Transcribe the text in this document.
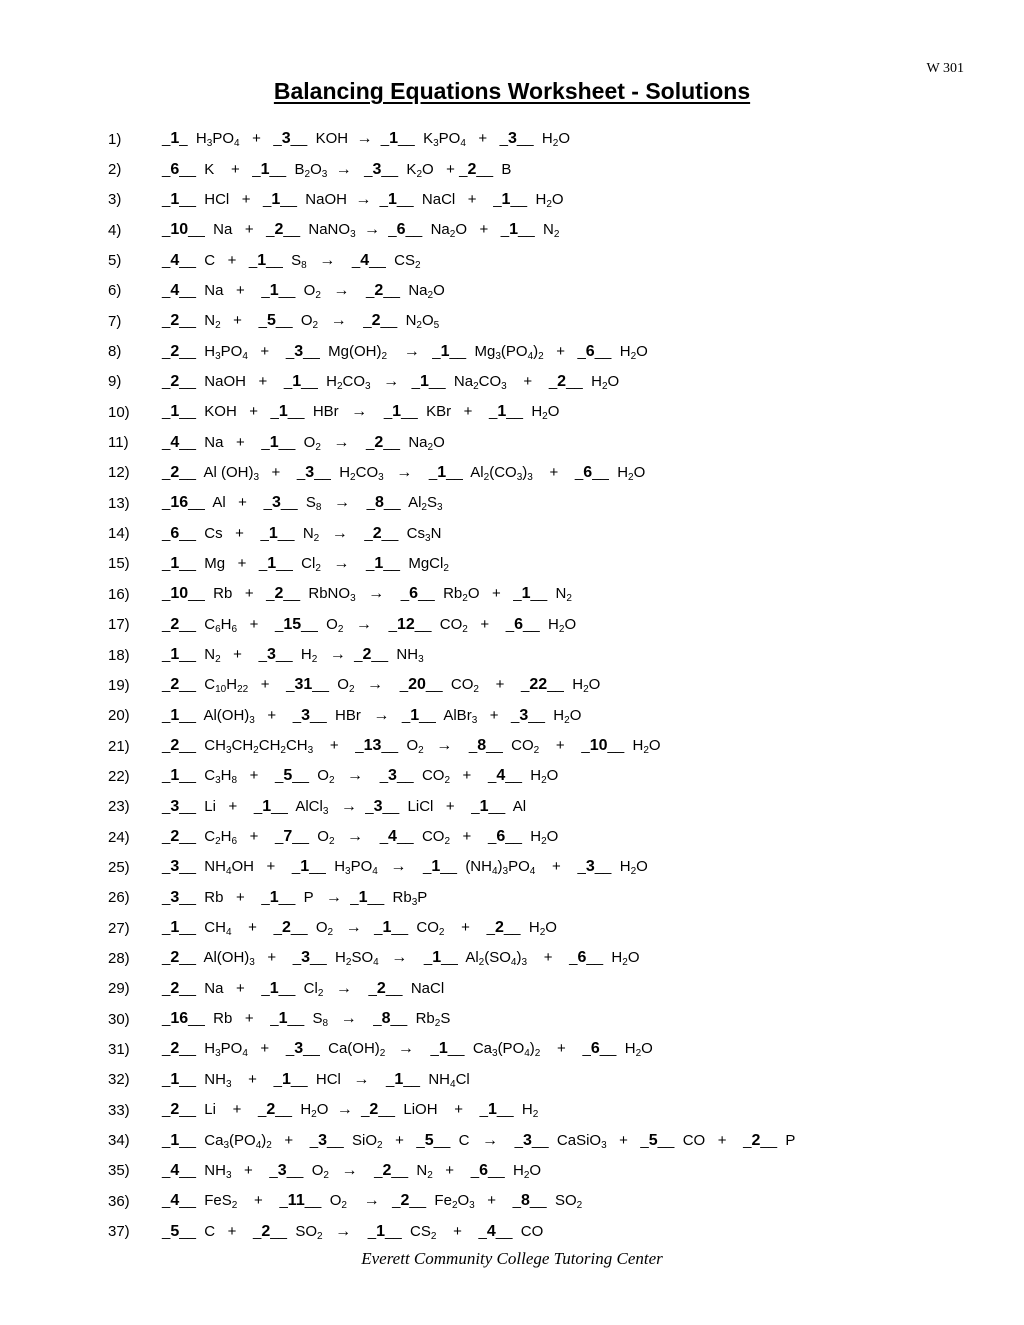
W 301
Balancing Equations Worksheet - Solutions
1)	_1_  $H_3PO_4$   +   _3__  KOH  →  _1__  $K_3PO_4$   +   _3__  $H_2O$
2)	_6__  K    +   _1__  $B_2O_3$ →   _3__  $K_2O$   + _2__  B
3)	_1__  HCl   +   _1__  NaOH  →  _1__  NaCl   +    _1__  $H_2O$
4)	_10__  Na   +   _2__  NaNO$_3$ →  _6__  $Na_2O$   +   _1__  $N_2$
5)	_4__  C   +   _1__  $S_8$ →    _4__  $CS_2$
6)	_4__  Na   +    _1__  $O_2$ →    _2__  $Na_2O$
7)	_2__  $N_2$   +    _5__  $O_2$ →    _2__  $N_2O_5$
8)	_2__  $H_3PO_4$   +    _3__  $Mg(OH)_2$ →   _1__  $Mg_3(PO_4)_2$   +   _6__  $H_2O$
9)	_2__  NaOH   +    _1__  $H_2CO_3$ →   _1__  $Na_2CO_3$    +    _2__  $H_2O$
10)	_1__  KOH   +   _1__  HBr   →    _1__  KBr   +    _1__  $H_2O$
11)	_4__  Na   +    _1__  $O_2$ →    _2__  $Na_2O$
12)	_2__  Al $(OH)_3$   +    _3__  $H_2CO_3$ →    _1__  $Al_2(CO_3)_3$    +    _6__  $H_2O$
13)	_16__  Al   +    _3__  $S_8$ →    _8__  $Al_2S_3$
14)	_6__  Cs   +    _1__  $N_2$ →    _2__  $Cs_3N$
15)	_1__  Mg   +   _1__  $Cl_2$ →    _1__  MgCl$_2$
16)	_10__  Rb   +   _2__  RbNO$_3$ →    _6__  $Rb_2O$   +   _1__  $N_2$
17)	_2__  $C_6H_6$   +    _15__  $O_2$ →    _12__  $CO_2$   +    _6__  $H_2O$
18)	_1__  $N_2$   +    _3__  $H_2$ →  _2__  $NH_3$
19)	_2__  $C_{10}H_{22}$   +    _31__  $O_2$ →    _20__  $CO_2$    +    _22__  $H_2O$
20)	_1__  $Al(OH)_3$   +    _3__  HBr   →   _1__  AlBr$_3$   +   _3__  $H_2O$
21)	_2__  $CH_3CH_2CH_2CH_3$    +    _13__  $O_2$ →    _8__  $CO_2$    +    _10__  $H_2O$
22)	_1__  $C_3H_8$   +    _5__  $O_2$ →    _3__  $CO_2$   +    _4__  $H_2O$
23)	_3__  Li   +    _1__  AlCl$_3$ →  _3__  LiCl   +    _1__  Al
24)	_2__  $C_2H_6$   +    _7__  $O_2$ →    _4__  $CO_2$   +    _6__  $H_2O$
25)	_3__  $NH_4OH$   +    _1__  $H_3PO_4$ →    _1__  $(NH_4)_3PO_4$    +    _3__  $H_2O$
26)	_3__  Rb   +    _1__  P   →  _1__  $Rb_3P$
27)	_1__  $CH_4$    +    _2__  $O_2$ →   _1__  $CO_2$    +    _2__  $H_2O$
28)	_2__  $Al(OH)_3$   +    _3__  $H_2SO_4$ →    _1__  $Al_2(SO_4)_3$    +    _6__  $H_2O$
29)	_2__  Na   +    _1__  $Cl_2$ →    _2__  NaCl
30)	_16__  Rb   +    _1__  $S_8$ →    _8__  $Rb_2S$
31)	_2__  $H_3PO_4$   +    _3__  $Ca(OH)_2$ →    _1__  $Ca_3(PO_4)_2$    +    _6__  $H_2O$
32)	_1__  $NH_3$    +    _1__  HCl   →    _1__  $NH_4Cl$
33)	_2__  Li    +    _2__  $H_2O$  →  _2__  LiOH    +    _1__  $H_2$
34)	_1__  $Ca_3(PO_4)_2$   +    _3__  SiO$_2$   +   _5__  C   →    _3__  CaSiO$_3$   +   _5__  CO   +    _2__  P
35)	_4__  $NH_3$   +    _3__  $O_2$ →    _2__  $N_2$   +    _6__  $H_2O$
36)	_4__  FeS$_2$    +    _11__  $O_2$ →   _2__  $Fe_2O_3$   +    _8__  $SO_2$
37)	_5__  C   +    _2__  $SO_2$ →    _1__  $CS_2$    +    _4__  CO
Everett Community College Tutoring Center
